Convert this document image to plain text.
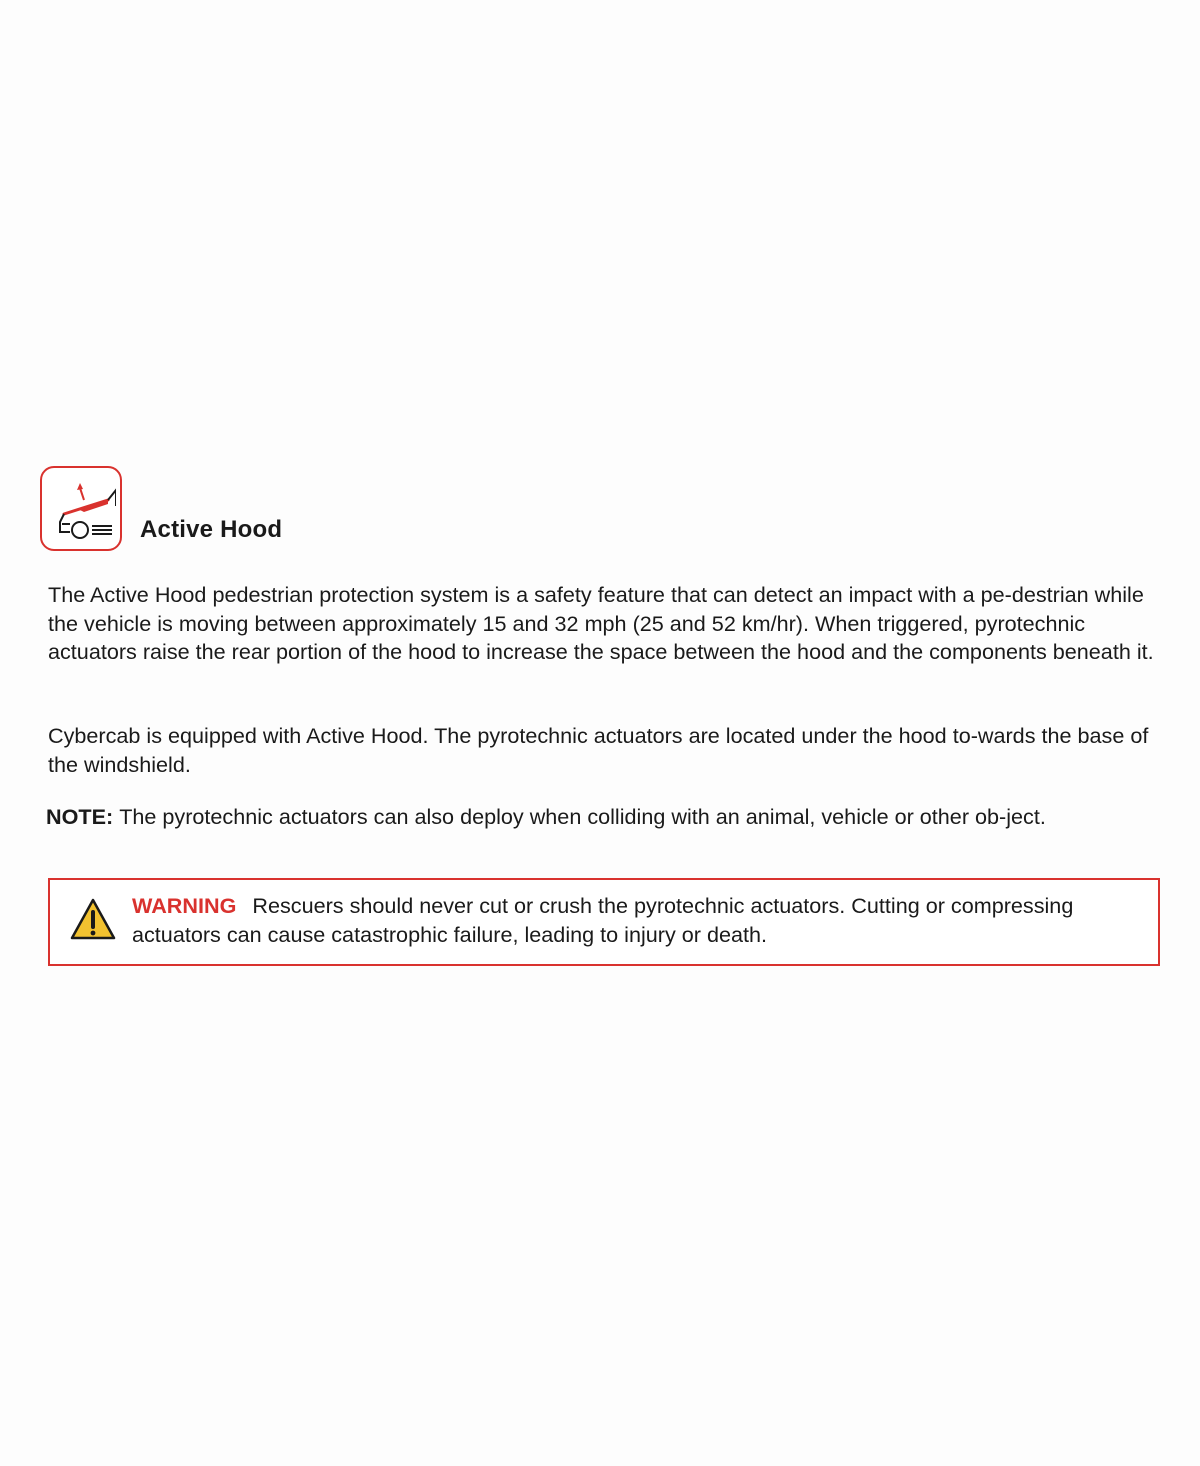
Active Hood

The Active Hood pedestrian protection system is a safety feature that can detect an impact with a pe-destrian while the vehicle is moving between approximately 15 and 32 mph (25 and 52 km/hr). When triggered, pyrotechnic actuators raise the rear portion of the hood to increase the space between the hood and the components beneath it.

Cybercab is equipped with Active Hood. The pyrotechnic actuators are located under the hood to-wards the base of the windshield.

NOTE: The pyrotechnic actuators can also deploy when colliding with an animal, vehicle or other ob-ject.

WARNING Rescuers should never cut or crush the pyrotechnic actuators. Cutting or compressing actuators can cause catastrophic failure, leading to injury or death.
